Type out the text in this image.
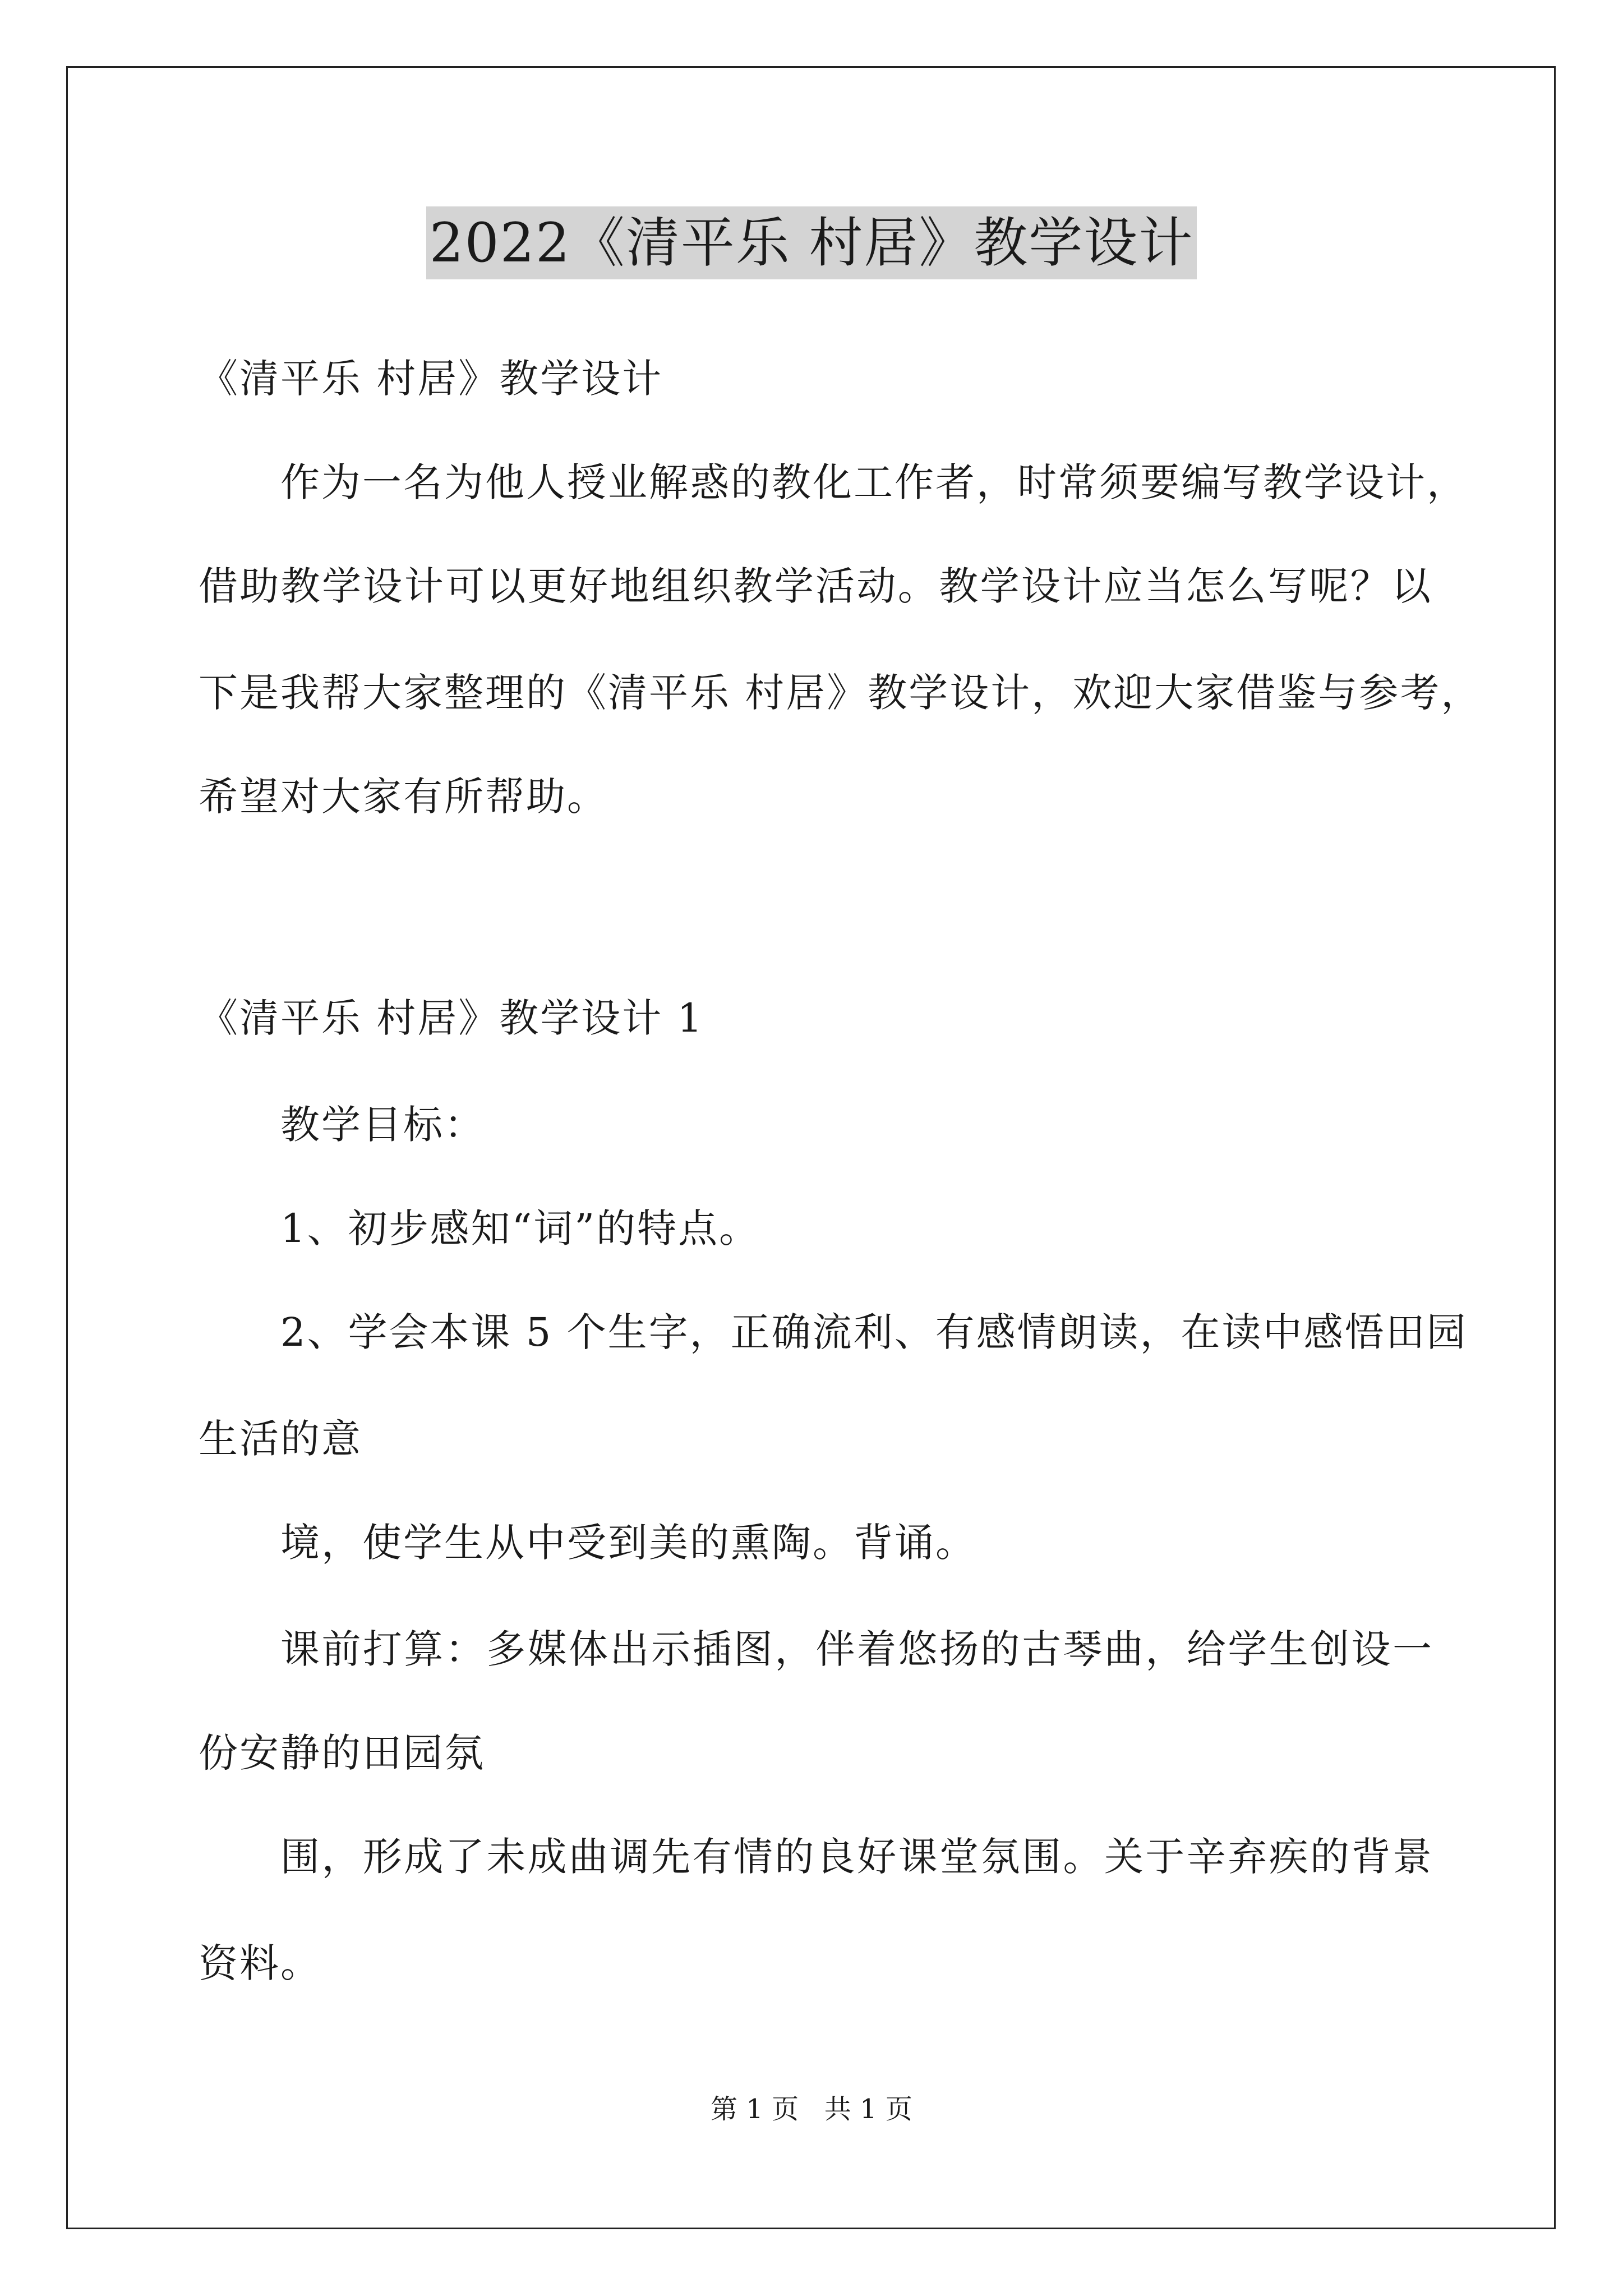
2022《清平乐 村居》教学设计
《清平乐 村居》教学设计
作为一名为他人授业解惑的教化工作者，时常须要编写教学设计，
借助教学设计可以更好地组织教学活动。教学设计应当怎么写呢？以
下是我帮大家整理的《清平乐 村居》教学设计，欢迎大家借鉴与参考，
希望对大家有所帮助。
《清平乐 村居》教学设计 1
教学目标：
1、初步感知“词”的特点。
2、学会本课 5 个生字，正确流利、有感情朗读，在读中感悟田园
生活的意
境，使学生从中受到美的熏陶。背诵。
课前打算：多媒体出示插图，伴着悠扬的古琴曲，给学生创设一
份安静的田园氛
围，形成了未成曲调先有情的良好课堂氛围。关于辛弃疾的背景
资料。
第 1 页   共 1 页
